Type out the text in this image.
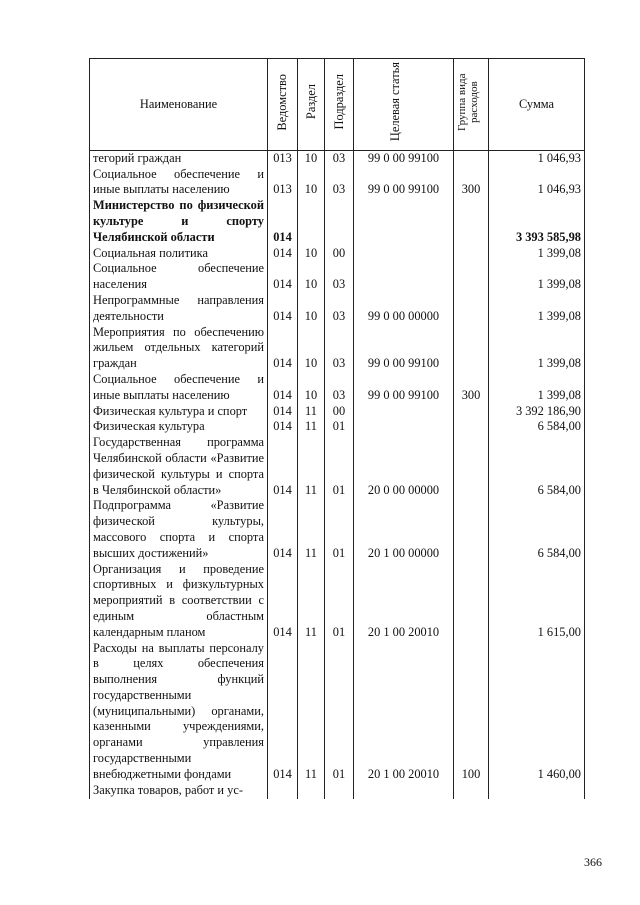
Наименование	Ведомство	Раздел	Подраздел	Целевая статья	Группа вида расходов	Сумма
тегорий граждан	013	10	03	99 0 00 99100		1 046,93
Социальное обеспечение и иные выплаты населению	013	10	03	99 0 00 99100	300	1 046,93
Министерство по физической культуре и спорту Челябинской области	014					3 393 585,98
Социальная политика	014	10	00			1 399,08
Социальное обеспечение населения	014	10	03			1 399,08
Непрограммные направления деятельности	014	10	03	99 0 00 00000		1 399,08
Мероприятия по обеспечению жильем отдельных категорий граждан	014	10	03	99 0 00 99100		1 399,08
Социальное обеспечение и иные выплаты населению	014	10	03	99 0 00 99100	300	1 399,08
Физическая культура и спорт	014	11	00			3 392 186,90
Физическая культура	014	11	01			6 584,00
Государственная программа Челябинской области «Развитие физической культуры и спорта в Челябинской области»	014	11	01	20 0 00 00000		6 584,00
Подпрограмма «Развитие физической культуры, массового спорта и спорта высших достижений»	014	11	01	20 1 00 00000		6 584,00
Организация и проведение спортивных и физкультурных мероприятий в соответствии с единым областным календарным планом	014	11	01	20 1 00 20010		1 615,00
Расходы на выплаты персоналу в целях обеспечения выполнения функций государственными (муниципальными) органами, казенными учреждениями, органами управления государственными внебюджетными фондами	014	11	01	20 1 00 20010	100	1 460,00
Закупка товаров, работ и ус-						
366
